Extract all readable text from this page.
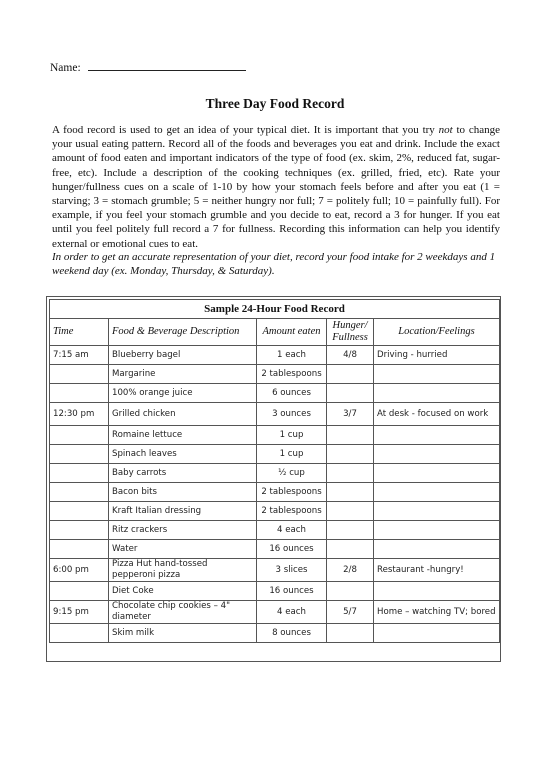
Name:
Three Day Food Record

A food record is used to get an idea of your typical diet. It is important that you try not to change your usual eating pattern. Record all of the foods and beverages you eat and drink. Include the exact amount of food eaten and important indicators of the type of food (ex. skim, 2%, reduced fat, sugar-free, etc). Include a description of the cooking techniques (ex. grilled, fried, etc). Rate your hunger/fullness cues on a scale of 1-10 by how your stomach feels before and after you eat (1 = starving; 3 = stomach grumble; 5 = neither hungry nor full; 7 = politely full; 10 = painfully full). For example, if you feel your stomach grumble and you decide to eat, record a 3 for hunger. If you eat until you feel politely full record a 7 for fullness. Recording this information can help you identify external or emotional cues to eat.

In order to get an accurate representation of your diet, record your food intake for 2 weekdays and 1 weekend day (ex. Monday, Thursday, & Saturday).

Sample 24-Hour Food Record				
Time	Food & Beverage Description	Amount eaten	Hunger/ Fullness	Location/Feelings
7:15 am	Blueberry bagel	1 each	4/8	Driving - hurried
	Margarine	2 tablespoons		
	100% orange juice	6 ounces		
12:30 pm	Grilled chicken	3 ounces	3/7	At desk - focused on work
	Romaine lettuce	1 cup		
	Spinach leaves	1 cup		
	Baby carrots	½ cup		
	Bacon bits	2 tablespoons		
	Kraft Italian dressing	2 tablespoons		
	Ritz crackers	4 each		
	Water	16 ounces		
6:00 pm	Pizza Hut hand-tossed pepperoni pizza	3 slices	2/8	Restaurant -hungry!
	Diet Coke	16 ounces		
9:15 pm	Chocolate chip cookies – 4" diameter	4 each	5/7	Home – watching TV; bored
	Skim milk	8 ounces		
